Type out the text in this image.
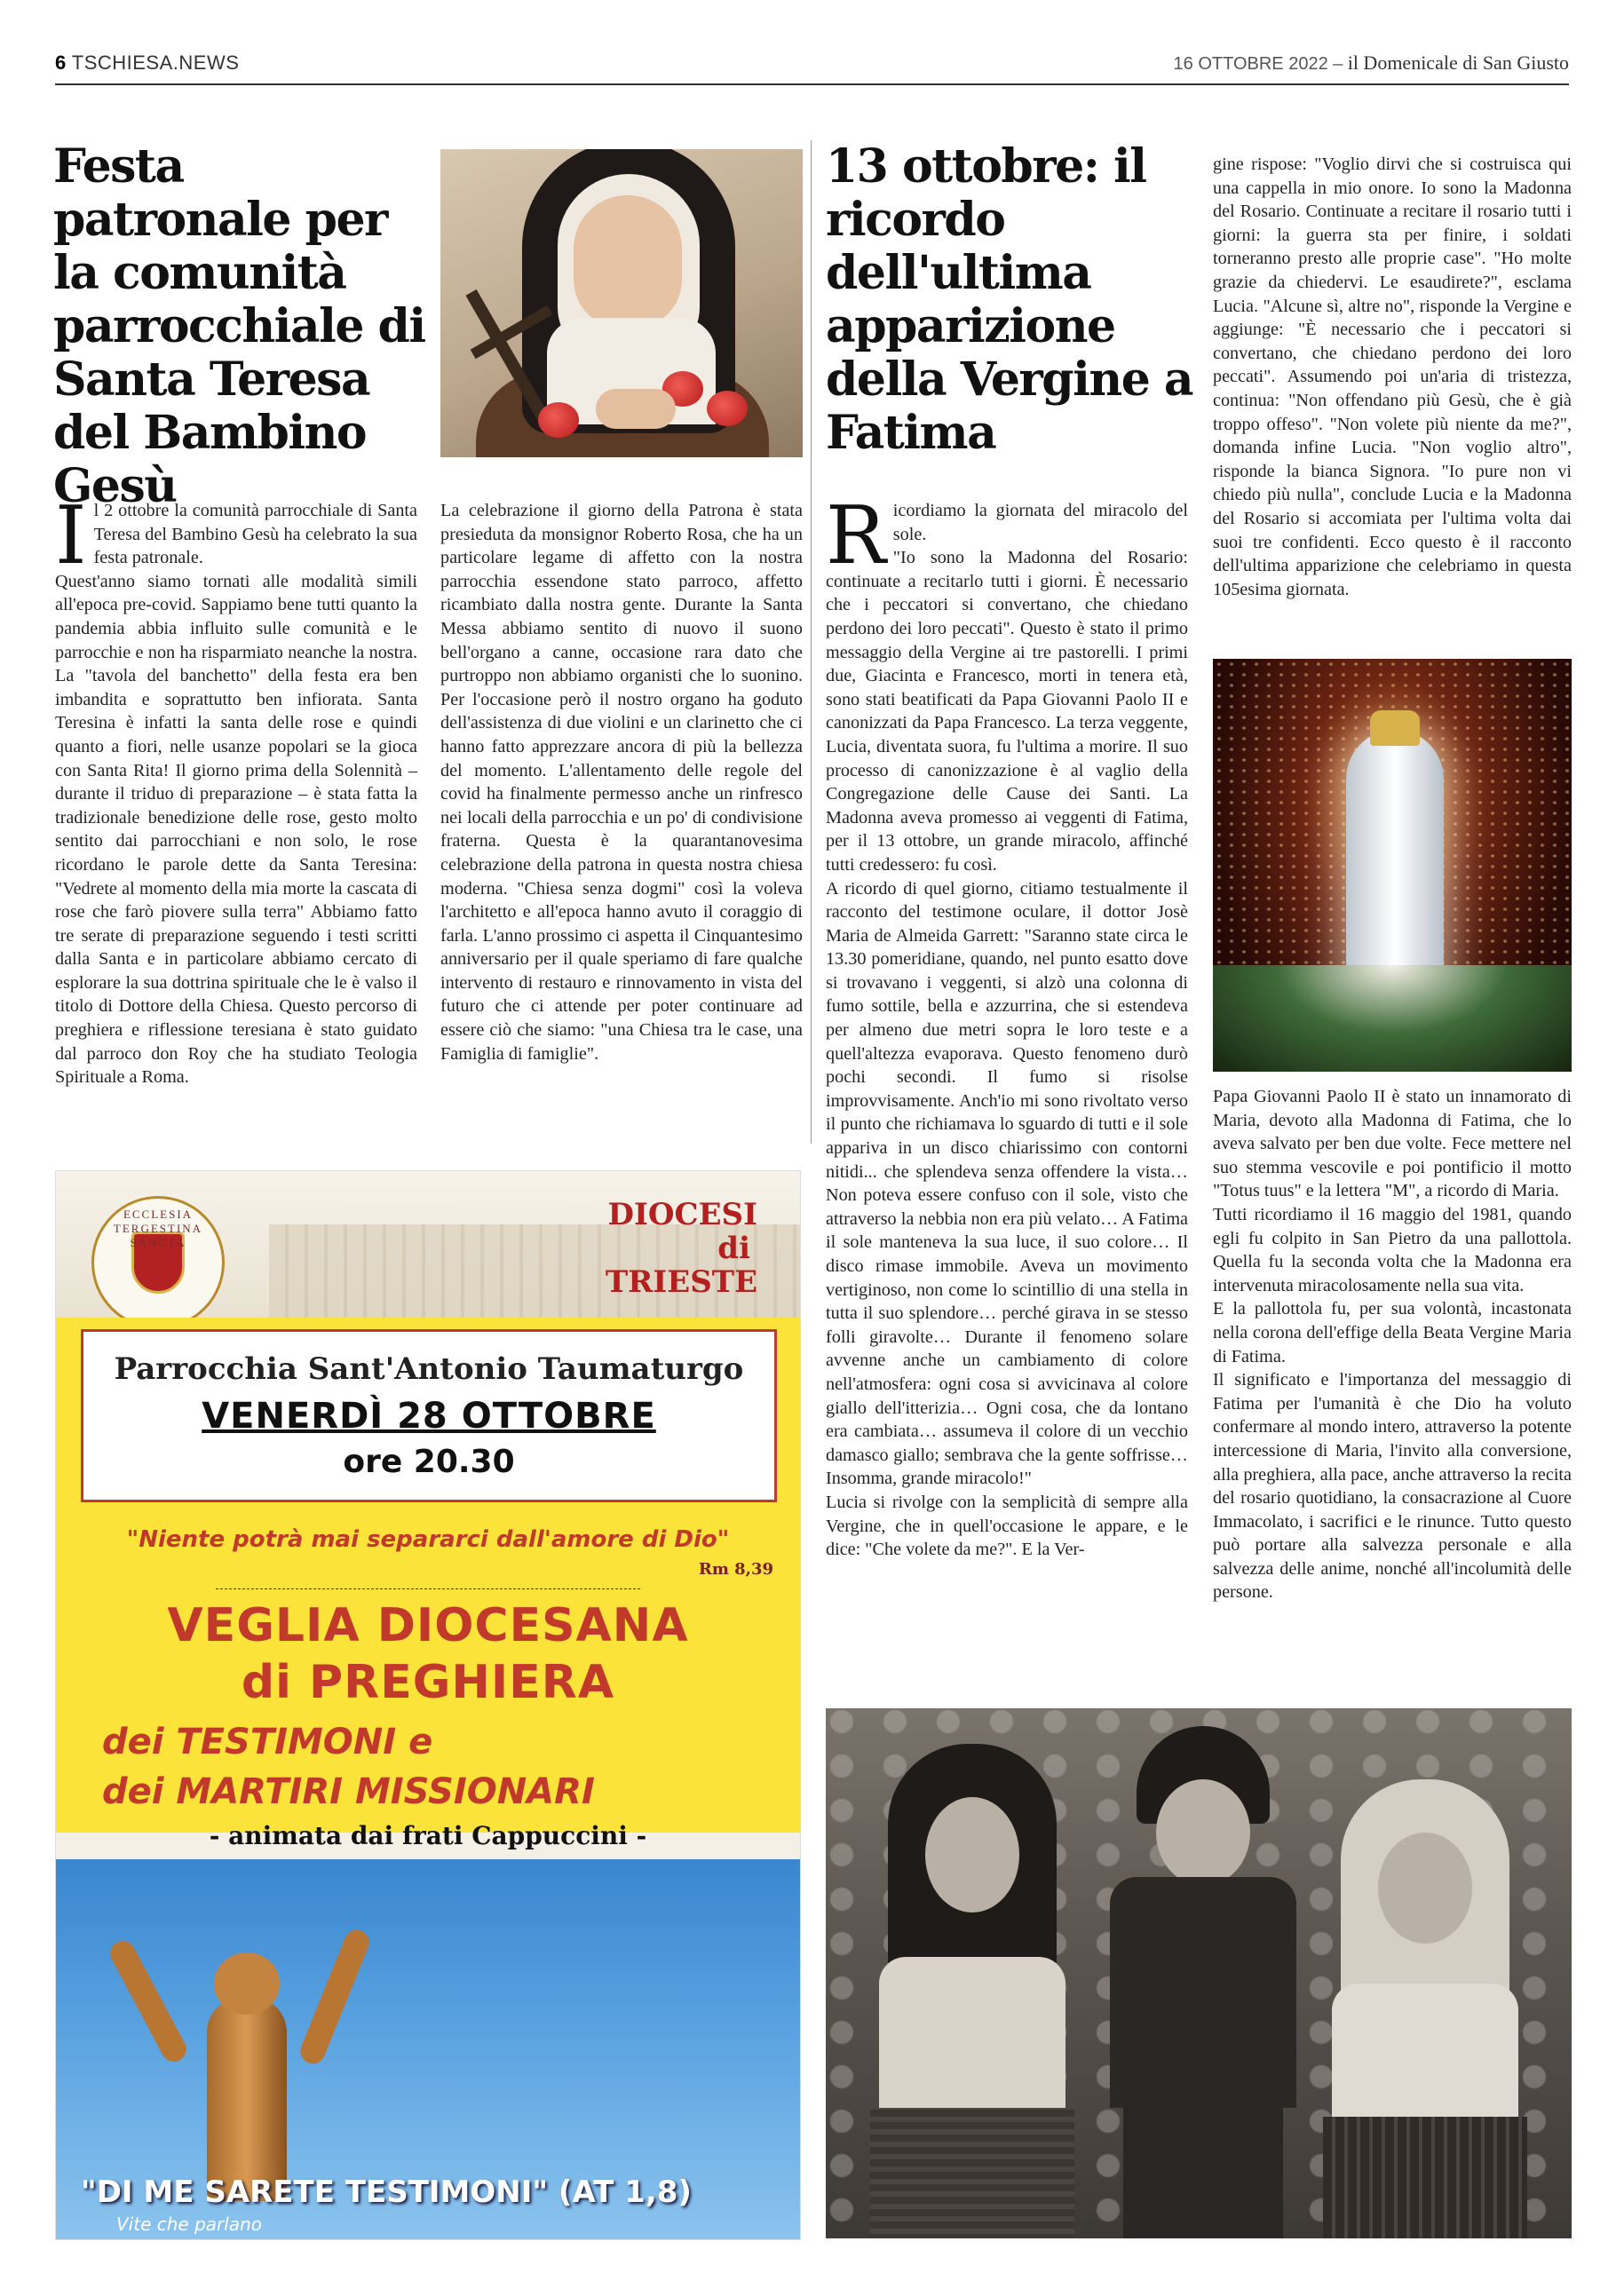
6 TSCHIESA.NEWS	16 OTTOBRE 2022 – il Domenicale di San Giusto
Festa patronale per la comunità parrocchiale di Santa Teresa del Bambino Gesù

Il 2 ottobre la comunità parrocchiale di Santa Teresa del Bambino Gesù ha celebrato la sua festa patronale.

Quest'anno siamo tornati alle modalità simili all'epoca pre-covid. Sappiamo bene tutti quanto la pandemia abbia influito sulle comunità e le parrocchie e non ha risparmiato neanche la nostra. La "tavola del banchetto" della festa era ben imbandita e soprattutto ben infiorata. Santa Teresina è infatti la santa delle rose e quindi quanto a fiori, nelle usanze popolari se la gioca con Santa Rita! Il giorno prima della Solennità – durante il triduo di preparazione – è stata fatta la tradizionale benedizione delle rose, gesto molto sentito dai parrocchiani e non solo, le rose ricordano le parole dette da Santa Teresina: "Vedrete al momento della mia morte la cascata di rose che farò piovere sulla terra" Abbiamo fatto tre serate di preparazione seguendo i testi scritti dalla Santa e in particolare abbiamo cercato di esplorare la sua dottrina spirituale che le è valso il titolo di Dottore della Chiesa. Questo percorso di preghiera e riflessione teresiana è stato guidato dal parroco don Roy che ha studiato Teologia Spirituale a Roma.

La celebrazione il giorno della Patrona è stata presieduta da monsignor Roberto Rosa, che ha un particolare legame di affetto con la nostra parrocchia essendone stato parroco, affetto ricambiato dalla nostra gente. Durante la Santa Messa abbiamo sentito di nuovo il suono bell'organo a canne, occasione rara dato che purtroppo non abbiamo organisti che lo suonino. Per l'occasione però il nostro organo ha goduto dell'assistenza di due violini e un clarinetto che ci hanno fatto apprezzare ancora di più la bellezza del momento. L'allentamento delle regole del covid ha finalmente permesso anche un rinfresco nei locali della parrocchia e un po' di condivisione fraterna. Questa è la quarantanovesima celebrazione della patrona in questa nostra chiesa moderna. "Chiesa senza dogmi" così la voleva l'architetto e all'epoca hanno avuto il coraggio di farla. L'anno prossimo ci aspetta il Cinquantesimo anniversario per il quale speriamo di fare qualche intervento di restauro e rinnovamento in vista del futuro che ci attende per poter continuare ad essere ciò che siamo: "una Chiesa tra le case, una Famiglia di famiglie".

13 ottobre: il ricordo dell'ultima apparizione della Vergine a Fatima

Ricordiamo la giornata del miracolo del sole.

"Io sono la Madonna del Rosario: continuate a recitarlo tutti i giorni. È necessario che i peccatori si convertano, che chiedano perdono dei loro peccati". Questo è stato il primo messaggio della Vergine ai tre pastorelli. I primi due, Giacinta e Francesco, morti in tenera età, sono stati beatificati da Papa Giovanni Paolo II e canonizzati da Papa Francesco. La terza veggente, Lucia, diventata suora, fu l'ultima a morire. Il suo processo di canonizzazione è al vaglio della Congregazione delle Cause dei Santi. La Madonna aveva promesso ai veggenti di Fatima, per il 13 ottobre, un grande miracolo, affinché tutti credessero: fu così.

A ricordo di quel giorno, citiamo testualmente il racconto del testimone oculare, il dottor Josè Maria de Almeida Garrett: "Saranno state circa le 13.30 pomeridiane, quando, nel punto esatto dove si trovavano i veggenti, si alzò una colonna di fumo sottile, bella e azzurrina, che si estendeva per almeno due metri sopra le loro teste e a quell'altezza evaporava. Questo fenomeno durò pochi secondi. Il fumo si risolse improvvisamente. Anch'io mi sono rivoltato verso il punto che richiamava lo sguardo di tutti e il sole appariva in un disco chiarissimo con contorni nitidi... che splendeva senza offendere la vista… Non poteva essere confuso con il sole, visto che attraverso la nebbia non era più velato… A Fatima il sole manteneva la sua luce, il suo colore… Il disco rimase immobile. Aveva un movimento vertiginoso, non come lo scintillio di una stella in tutta il suo splendore… perché girava in se stesso folli giravolte… Durante il fenomeno solare avvenne anche un cambiamento di colore nell'atmosfera: ogni cosa si avvicinava al colore giallo dell'itterizia… Ogni cosa, che da lontano era cambiata… assumeva il colore di un vecchio damasco giallo; sembrava che la gente soffrisse… Insomma, grande miracolo!"

Lucia si rivolge con la semplicità di sempre alla Vergine, che in quell'occasione le appare, e le dice: "Che volete da me?". E la Ver-

gine rispose: "Voglio dirvi che si costruisca qui una cappella in mio onore. Io sono la Madonna del Rosario. Continuate a recitare il rosario tutti i giorni: la guerra sta per finire, i soldati torneranno presto alle proprie case". "Ho molte grazie da chiedervi. Le esaudirete?", esclama Lucia. "Alcune sì, altre no", risponde la Vergine e aggiunge: "È necessario che i peccatori si convertano, che chiedano perdono dei loro peccati". Assumendo poi un'aria di tristezza, continua: "Non offendano più Gesù, che è già troppo offeso". "Non volete più niente da me?", domanda infine Lucia. "Non voglio altro", risponde la bianca Signora. "Io pure non vi chiedo più nulla", conclude Lucia e la Madonna del Rosario si accomiata per l'ultima volta dai suoi tre confidenti. Ecco questo è il racconto dell'ultima apparizione che celebriamo in questa 105esima giornata.

Papa Giovanni Paolo II è stato un innamorato di Maria, devoto alla Madonna di Fatima, che lo aveva salvato per ben due volte. Fece mettere nel suo stemma vescovile e poi pontificio il motto "Totus tuus" e la lettera "M", a ricordo di Maria.

Tutti ricordiamo il 16 maggio del 1981, quando egli fu colpito in San Pietro da una pallottola. Quella fu la seconda volta che la Madonna era intervenuta miracolosamente nella sua vita.

E la pallottola fu, per sua volontà, incastonata nella corona dell'effige della Beata Vergine Maria di Fatima.

Il significato e l'importanza del messaggio di Fatima per l'umanità è che Dio ha voluto confermare al mondo intero, attraverso la potente intercessione di Maria, l'invito alla conversione, alla preghiera, alla pace, anche attraverso la recita del rosario quotidiano, la consacrazione al Cuore Immacolato, i sacrifici e le rinunce. Tutto questo può portare alla salvezza personale e alla salvezza delle anime, nonché all'incolumità delle persone.

ECCLESIA TERGESTINA SANCTA
DIOCESI
di
TRIESTE
Parrocchia Sant'Antonio Taumaturgo
VENERDÌ 28 OTTOBRE
ore 20.30
"Niente potrà mai separarci dall'amore di Dio"
Rm 8,39
VEGLIA DIOCESANA
di PREGHIERA
dei TESTIMONI e
dei MARTIRI MISSIONARI
- animata dai frati Cappuccini -
"DI ME SARETE TESTIMONI" (AT 1,8)
Vite che parlano
